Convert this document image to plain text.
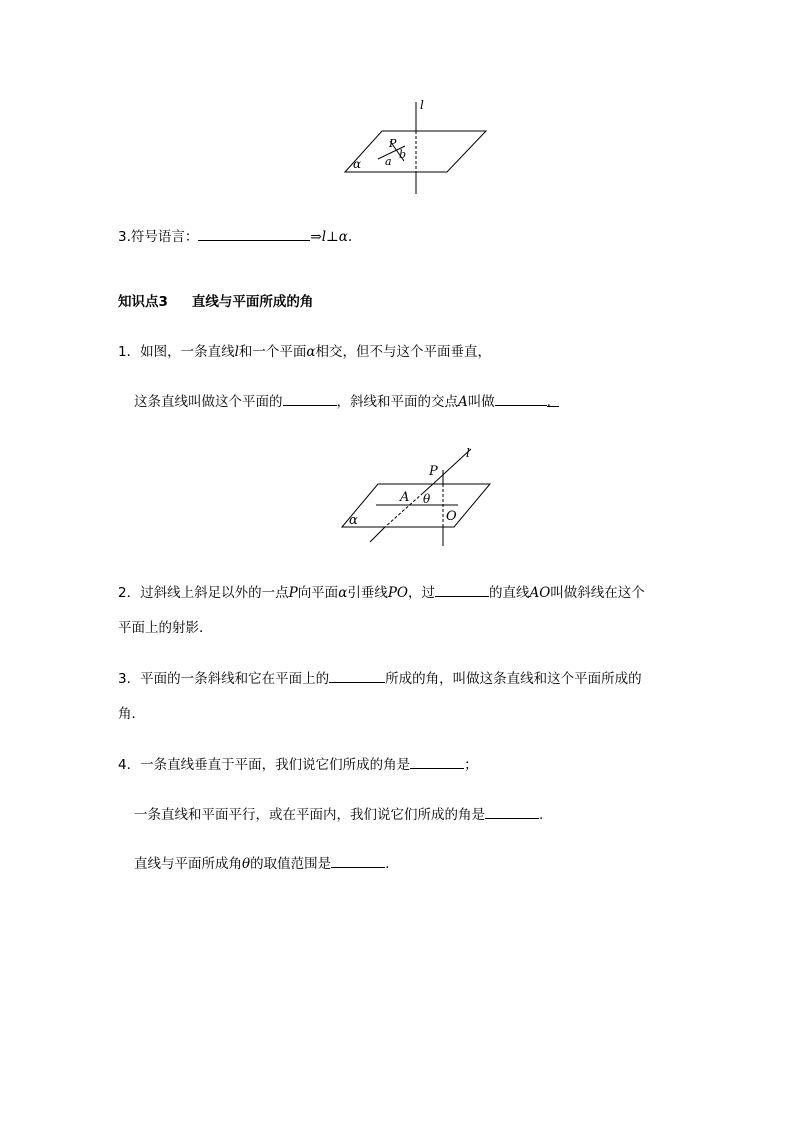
l
P
a
b
α
3.符号语言：	⇒l⊥α.
知识点3 直线与平面所成的角
1．如图，一条直线l和一个平面α相交，但不与这个平面垂直，
这条直线叫做这个平面的	，斜线和平面的交点A叫做	.
l
P
A θ
O
α
2．过斜线上斜足以外的一点P向平面α引垂线PO，过	的直线AO叫做斜线在这个
平面上的射影．
3．平面的一条斜线和它在平面上的	所成的角，叫做这条直线和这个平面所成的
角．
4．一条直线垂直于平面，我们说它们所成的角是	；
一条直线和平面平行，或在平面内，我们说它们所成的角是	.
直线与平面所成角θ的取值范围是	.
